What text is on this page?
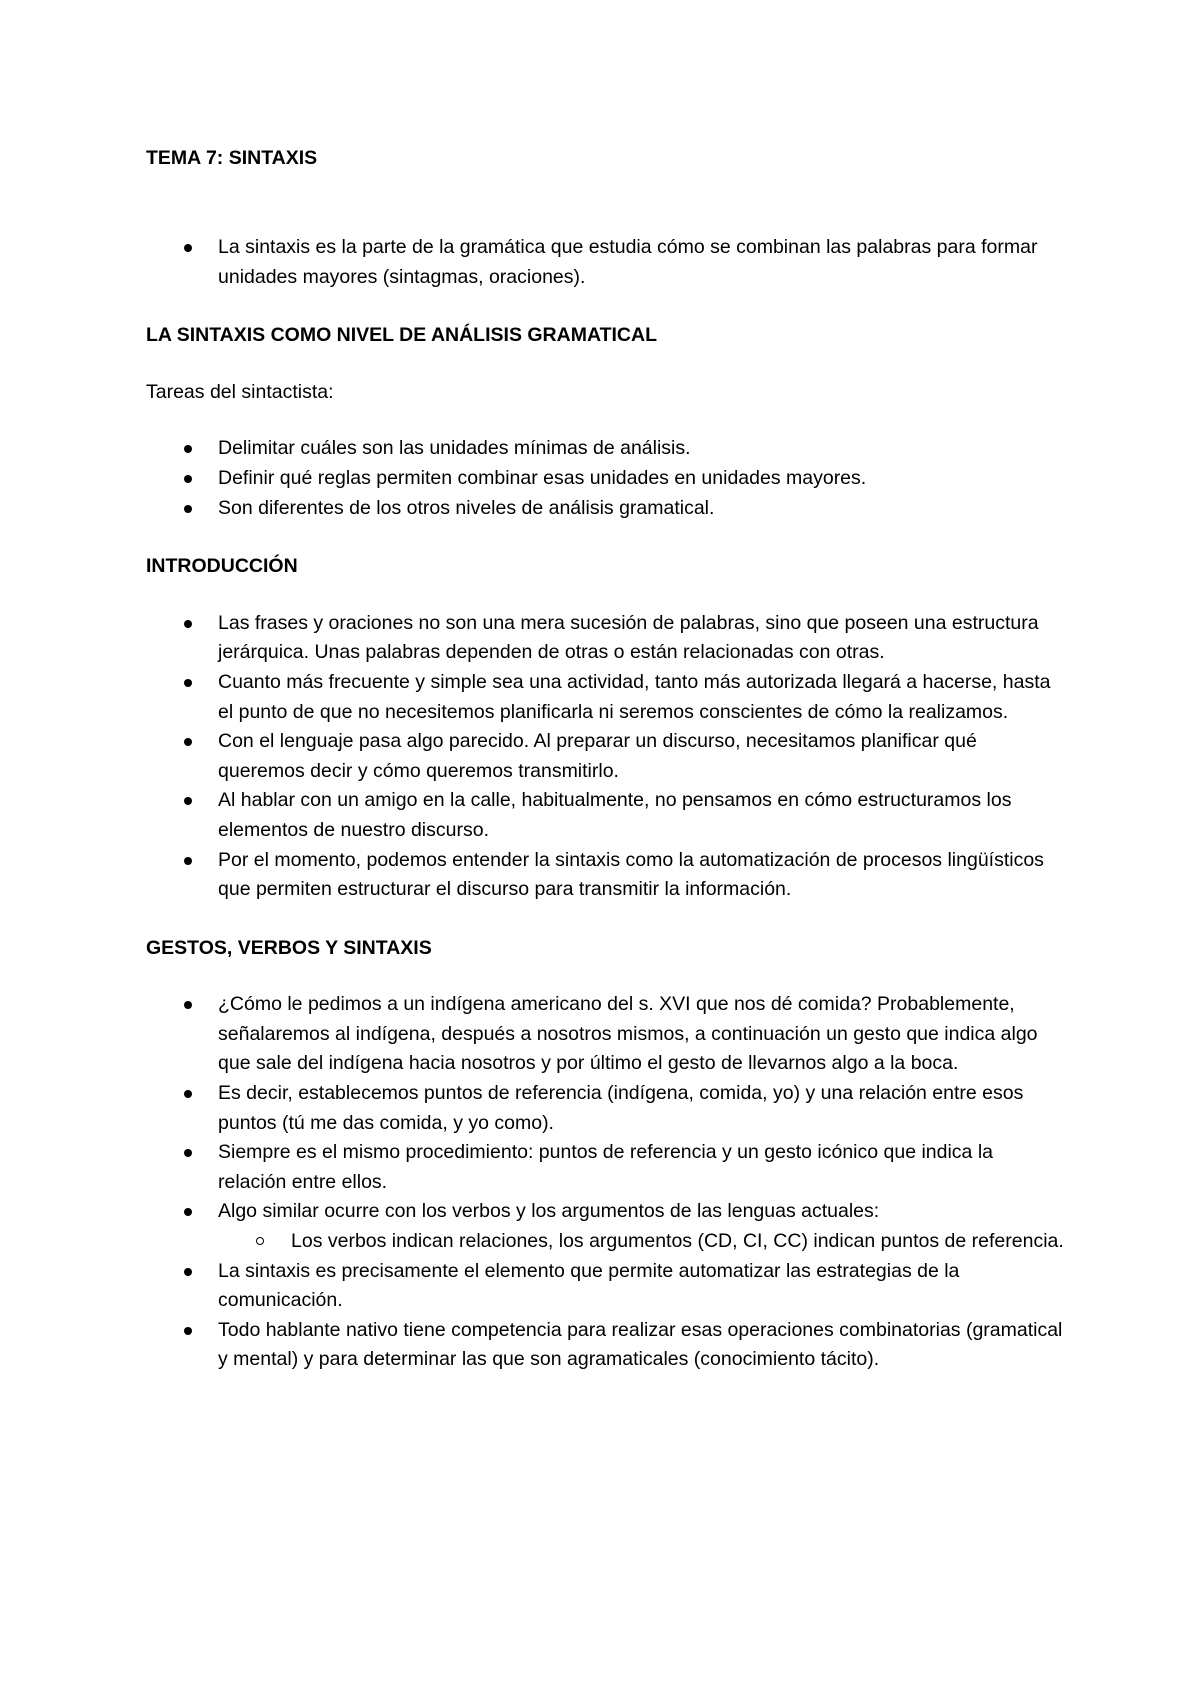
TEMA 7: SINTAXIS

La sintaxis es la parte de la gramática que estudia cómo se combinan las palabras para formar unidades mayores (sintagmas, oraciones).

LA SINTAXIS COMO NIVEL DE ANÁLISIS GRAMATICAL

Tareas del sintactista:

Delimitar cuáles son las unidades mínimas de análisis.
Definir qué reglas permiten combinar esas unidades en unidades mayores.
Son diferentes de los otros niveles de análisis gramatical.

INTRODUCCIÓN

Las frases y oraciones no son una mera sucesión de palabras, sino que poseen una estructura jerárquica. Unas palabras dependen de otras o están relacionadas con otras.
Cuanto más frecuente y simple sea una actividad, tanto más autorizada llegará a hacerse, hasta el punto de que no necesitemos planificarla ni seremos conscientes de cómo la realizamos.
Con el lenguaje pasa algo parecido. Al preparar un discurso, necesitamos planificar qué queremos decir y cómo queremos transmitirlo.
Al hablar con un amigo en la calle, habitualmente, no pensamos en cómo estructuramos los elementos de nuestro discurso.
Por el momento, podemos entender la sintaxis como la automatización de procesos lingüísticos que permiten estructurar el discurso para transmitir la información.

GESTOS, VERBOS Y SINTAXIS

¿Cómo le pedimos a un indígena americano del s. XVI que nos dé comida? Probablemente, señalaremos al indígena, después a nosotros mismos, a continuación un gesto que indica algo que sale del indígena hacia nosotros y por último el gesto de llevarnos algo a la boca.
Es decir, establecemos puntos de referencia (indígena, comida, yo) y una relación entre esos puntos (tú me das comida, y yo como).
Siempre es el mismo procedimiento: puntos de referencia y un gesto icónico que indica la relación entre ellos.
Algo similar ocurre con los verbos y los argumentos de las lenguas actuales:
Los verbos indican relaciones, los argumentos (CD, CI, CC) indican puntos de referencia.
La sintaxis es precisamente el elemento que permite automatizar las estrategias de la comunicación.
Todo hablante nativo tiene competencia para realizar esas operaciones combinatorias (gramatical y mental) y para determinar las que son agramaticales (conocimiento tácito).
